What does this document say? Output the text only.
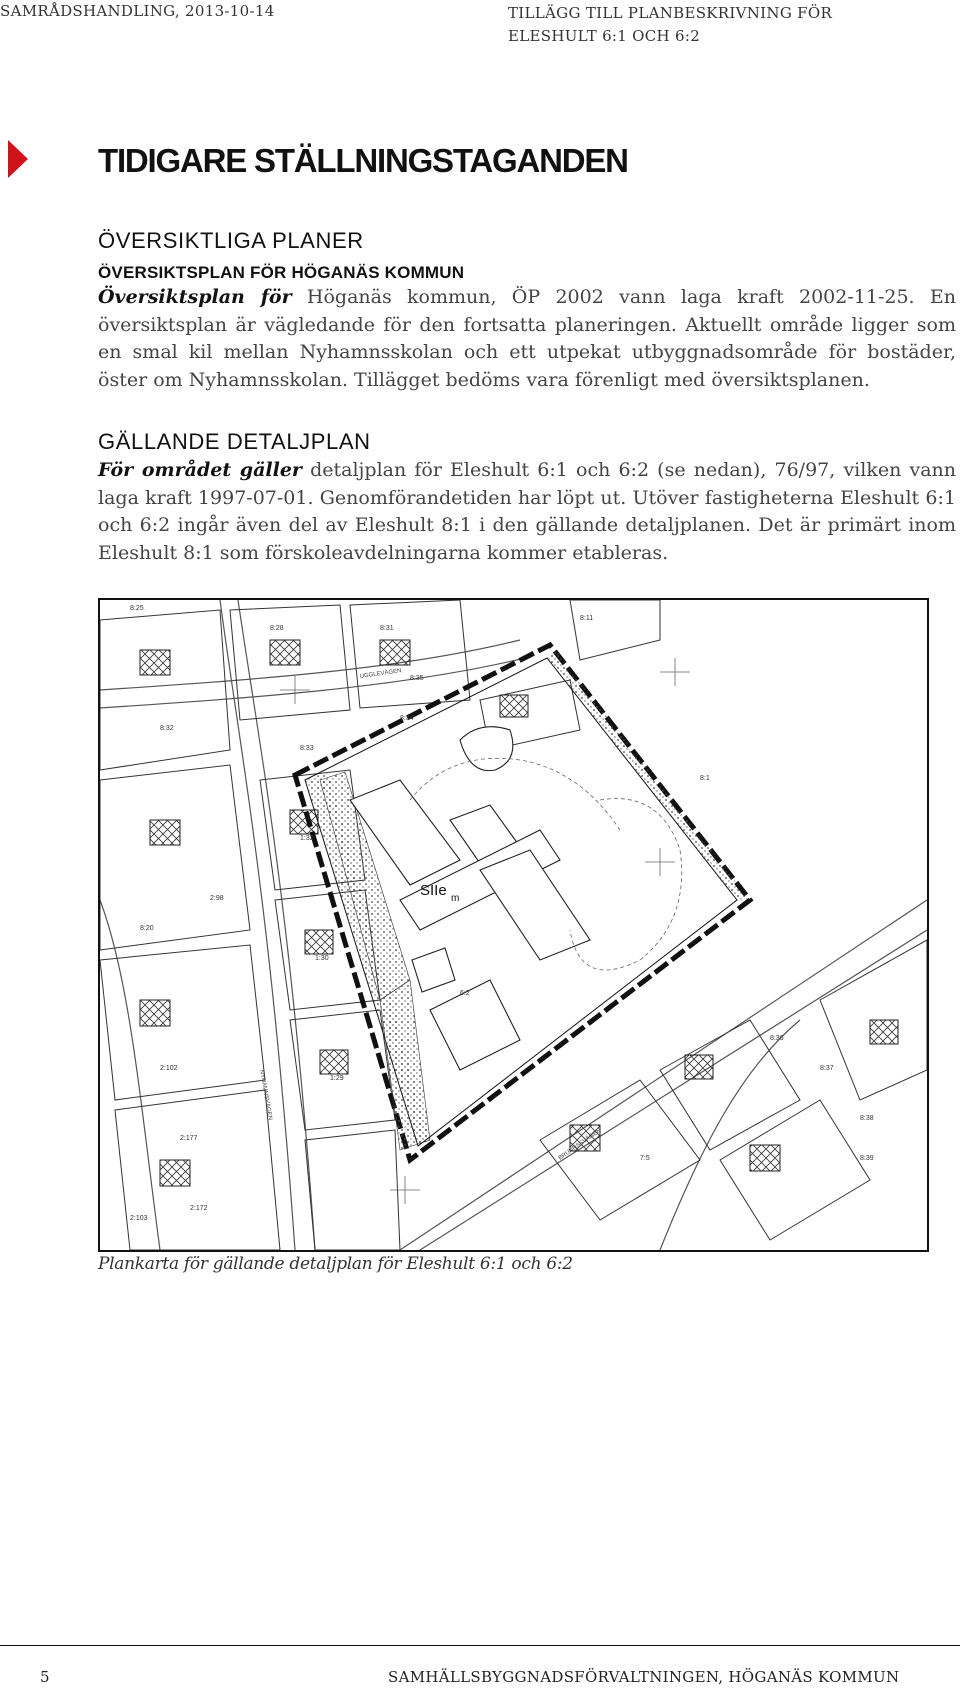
SAMRÅDSHANDLING, 2013-10-14	TILLÄGG TILL PLANBESKRIVNING FÖR
ELESHULT 6:1 OCH 6:2
TIDIGARE STÄLLNINGSTAGANDEN
ÖVERSIKTLIGA PLANER
ÖVERSIKTSPLAN FÖR HÖGANÄS KOMMUN

Översiktsplan för Höganäs kommun, ÖP 2002 vann laga kraft 2002-11-25. En översiktsplan är vägledande för den fortsatta planeringen. Aktuellt område ligger som en smal kil mellan Nyhamnsskolan och ett utpekat utbyggnadsområde för bostäder, öster om Nyhamnsskolan. Tillägget bedöms vara förenligt med översiktsplanen.

GÄLLANDE DETALJPLAN

För området gäller detaljplan för Eleshult 6:1 och 6:2 (se nedan), 76/97, vilken vann laga kraft 1997-07-01. Genomförandetiden har löpt ut. Utöver fastigheterna Eleshult 6:1 och 6:2 ingår även del av Eleshult 8:1 i den gällande detaljplanen. Det är primärt inom Eleshult 8:1 som förskoleavdelningarna kommer etableras.

SIIe m
6:2
8:1
1:32
1:30
1:29
2:102
2:177
2:172
8:36
8:37
8:38
8:39
8:25
8:28	8:31
8:11
8:34
8:35
8:33
8:32
7:5
2:103
8:20
2:98
UGGLEVÄGEN
BRUNNSSVÄGEN
NYHAMNSVÄGEN

Plankarta för gällande detaljplan för Eleshult 6:1 och 6:2

5	SAMHÄLLSBYGGNADSFÖRVALTNINGEN, HÖGANÄS KOMMUN
